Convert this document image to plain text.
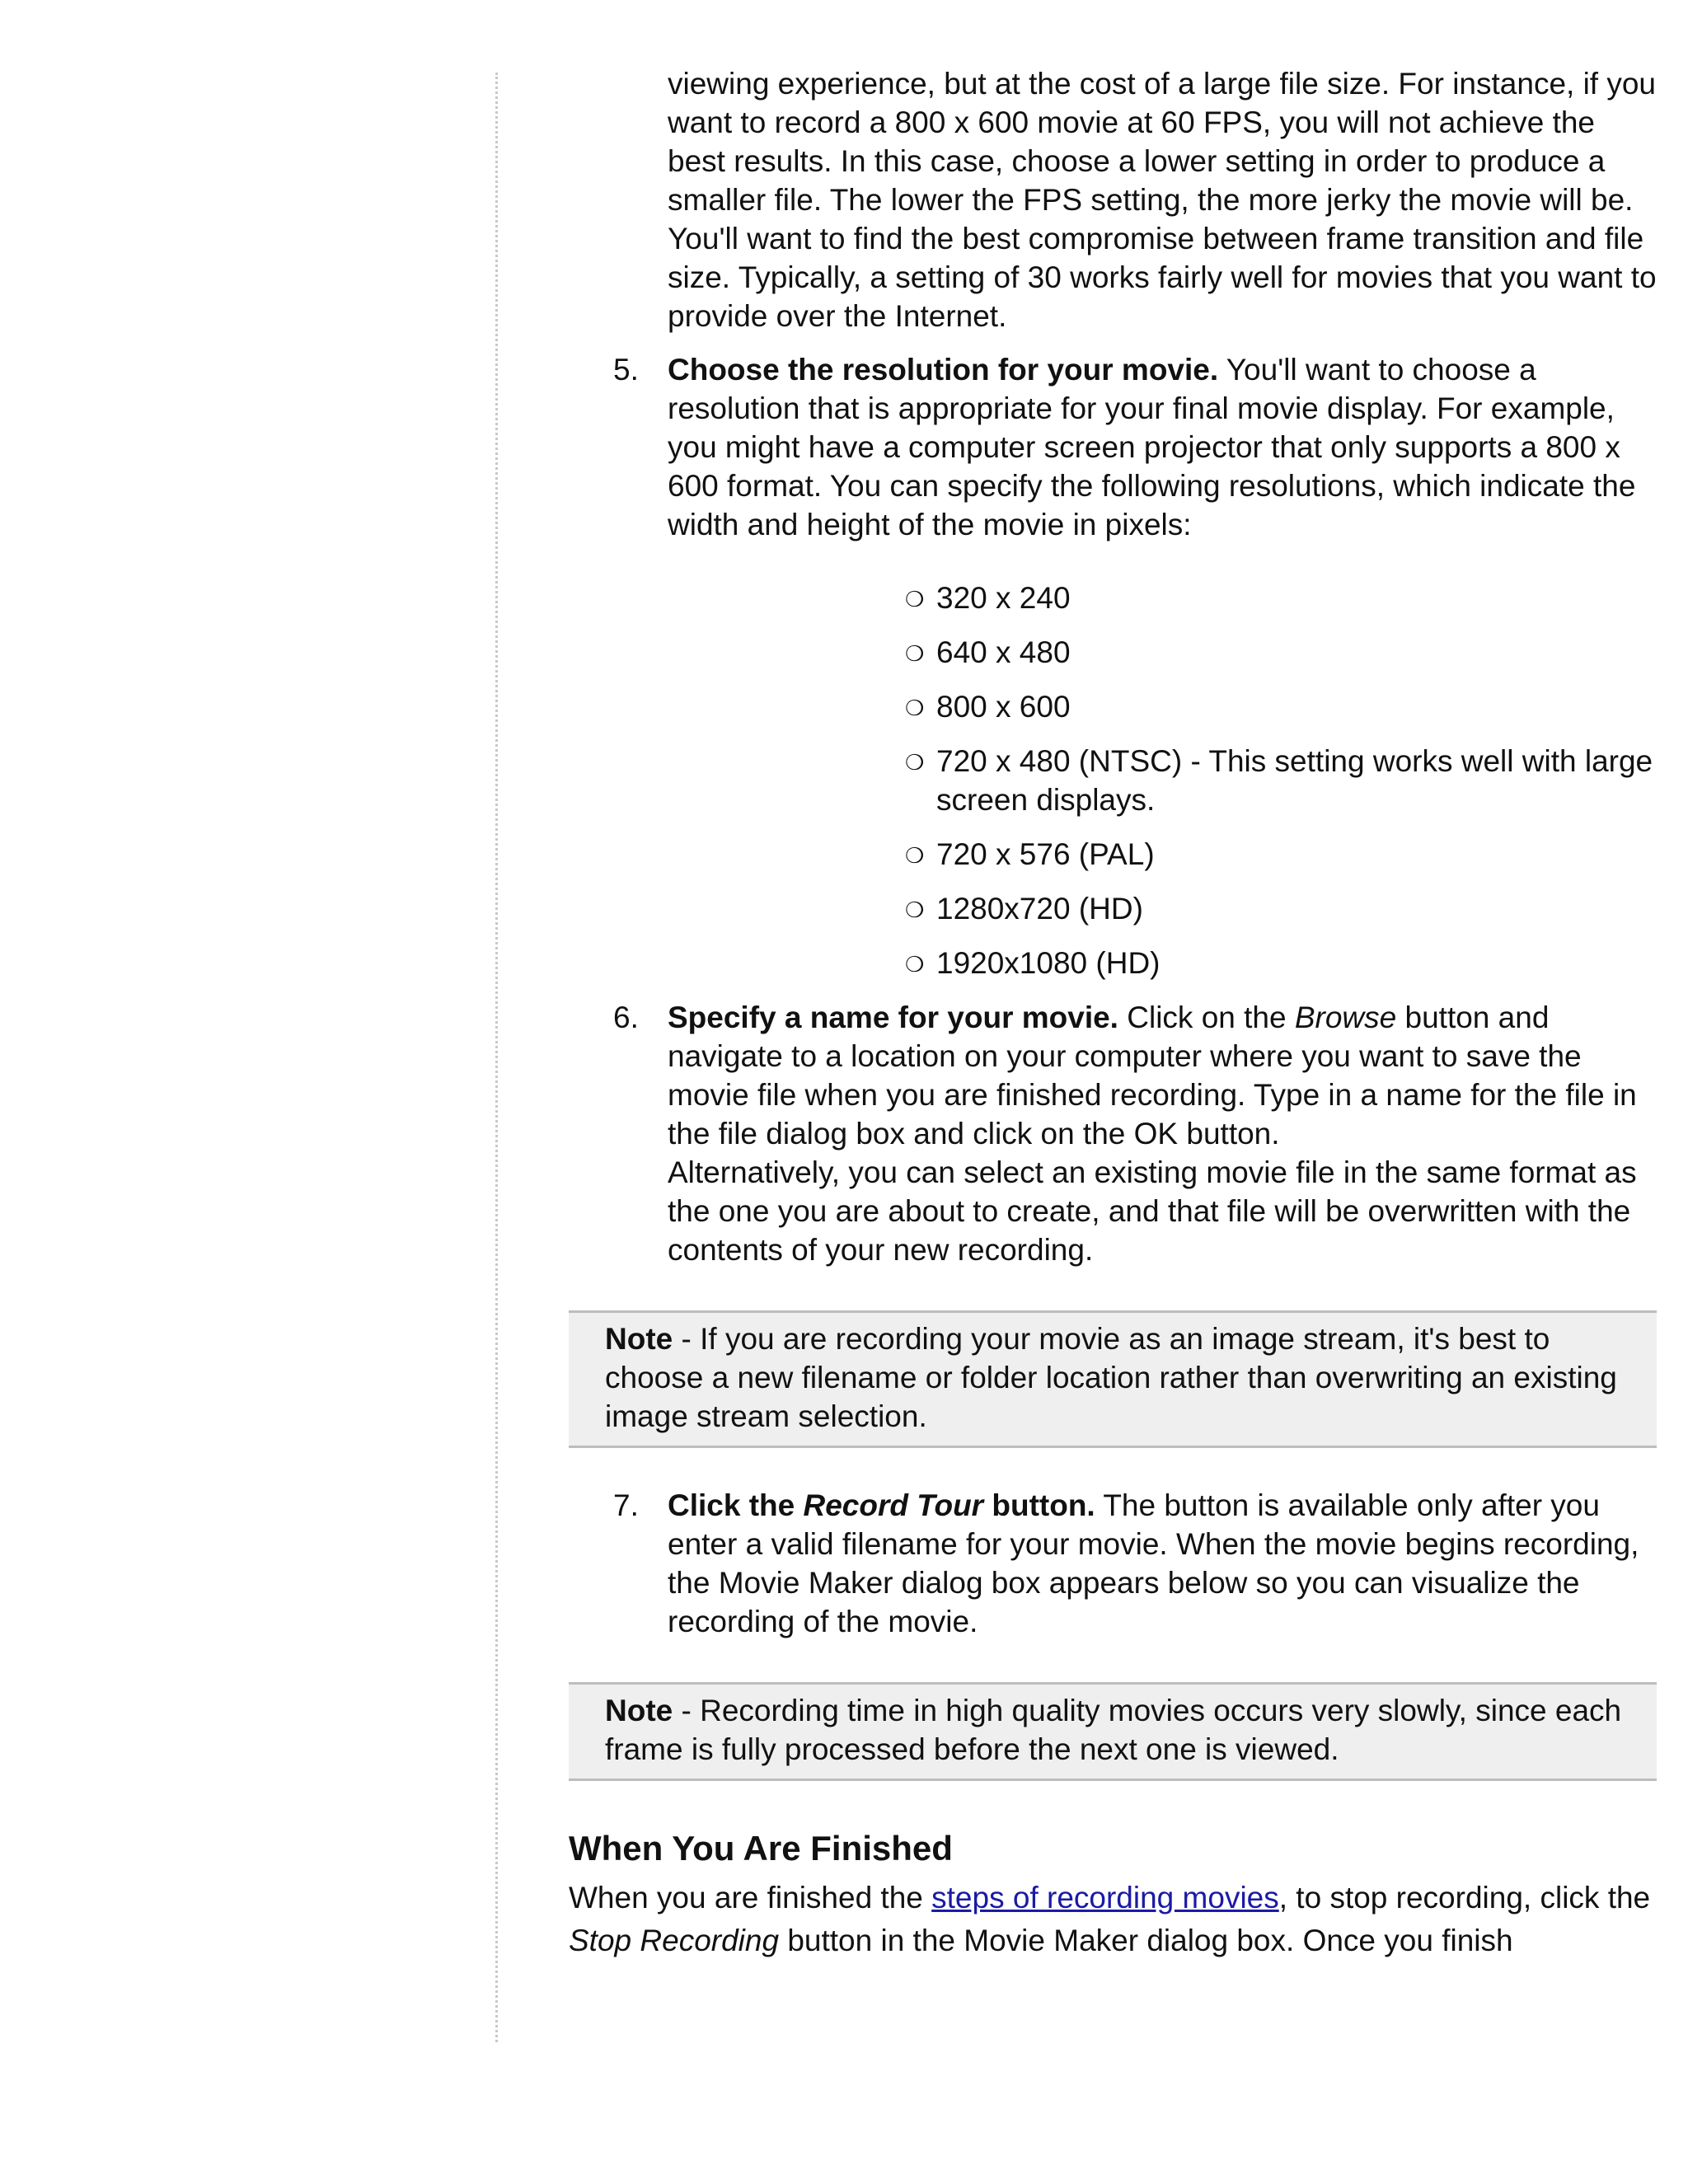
viewing experience, but at the cost of a large file size. For instance, if you want to record a 800 x 600 movie at 60 FPS, you will not achieve the best results. In this case, choose a lower setting in order to produce a smaller file. The lower the FPS setting, the more jerky the movie will be. You'll want to find the best compromise between frame transition and file size. Typically, a setting of 30 works fairly well for movies that you want to provide over the Internet.

5. Choose the resolution for your movie. You'll want to choose a resolution that is appropriate for your final movie display. For example, you might have a computer screen projector that only supports a 800 x 600 format. You can specify the following resolutions, which indicate the width and height of the movie in pixels:

❍ 320 x 240
❍ 640 x 480
❍ 800 x 600
❍ 720 x 480 (NTSC) - This setting works well with large screen displays.
❍ 720 x 576 (PAL)
❍ 1280x720 (HD)
❍ 1920x1080 (HD)
6. Specify a name for your movie. Click on the Browse button and navigate to a location on your computer where you want to save the movie file when you are finished recording. Type in a name for the file in the file dialog box and click on the OK button.

Alternatively, you can select an existing movie file in the same format as the one you are about to create, and that file will be overwritten with the contents of your new recording.

Note - If you are recording your movie as an image stream, it's best to choose a new filename or folder location rather than overwriting an existing image stream selection.
7. Click the Record Tour button. The button is available only after you enter a valid filename for your movie. When the movie begins recording, the Movie Maker dialog box appears below so you can visualize the recording of the movie.

Note - Recording time in high quality movies occurs very slowly, since each frame is fully processed before the next one is viewed.
When You Are Finished

When you are finished the steps of recording movies, to stop recording, click the Stop Recording button in the Movie Maker dialog box. Once you finish
